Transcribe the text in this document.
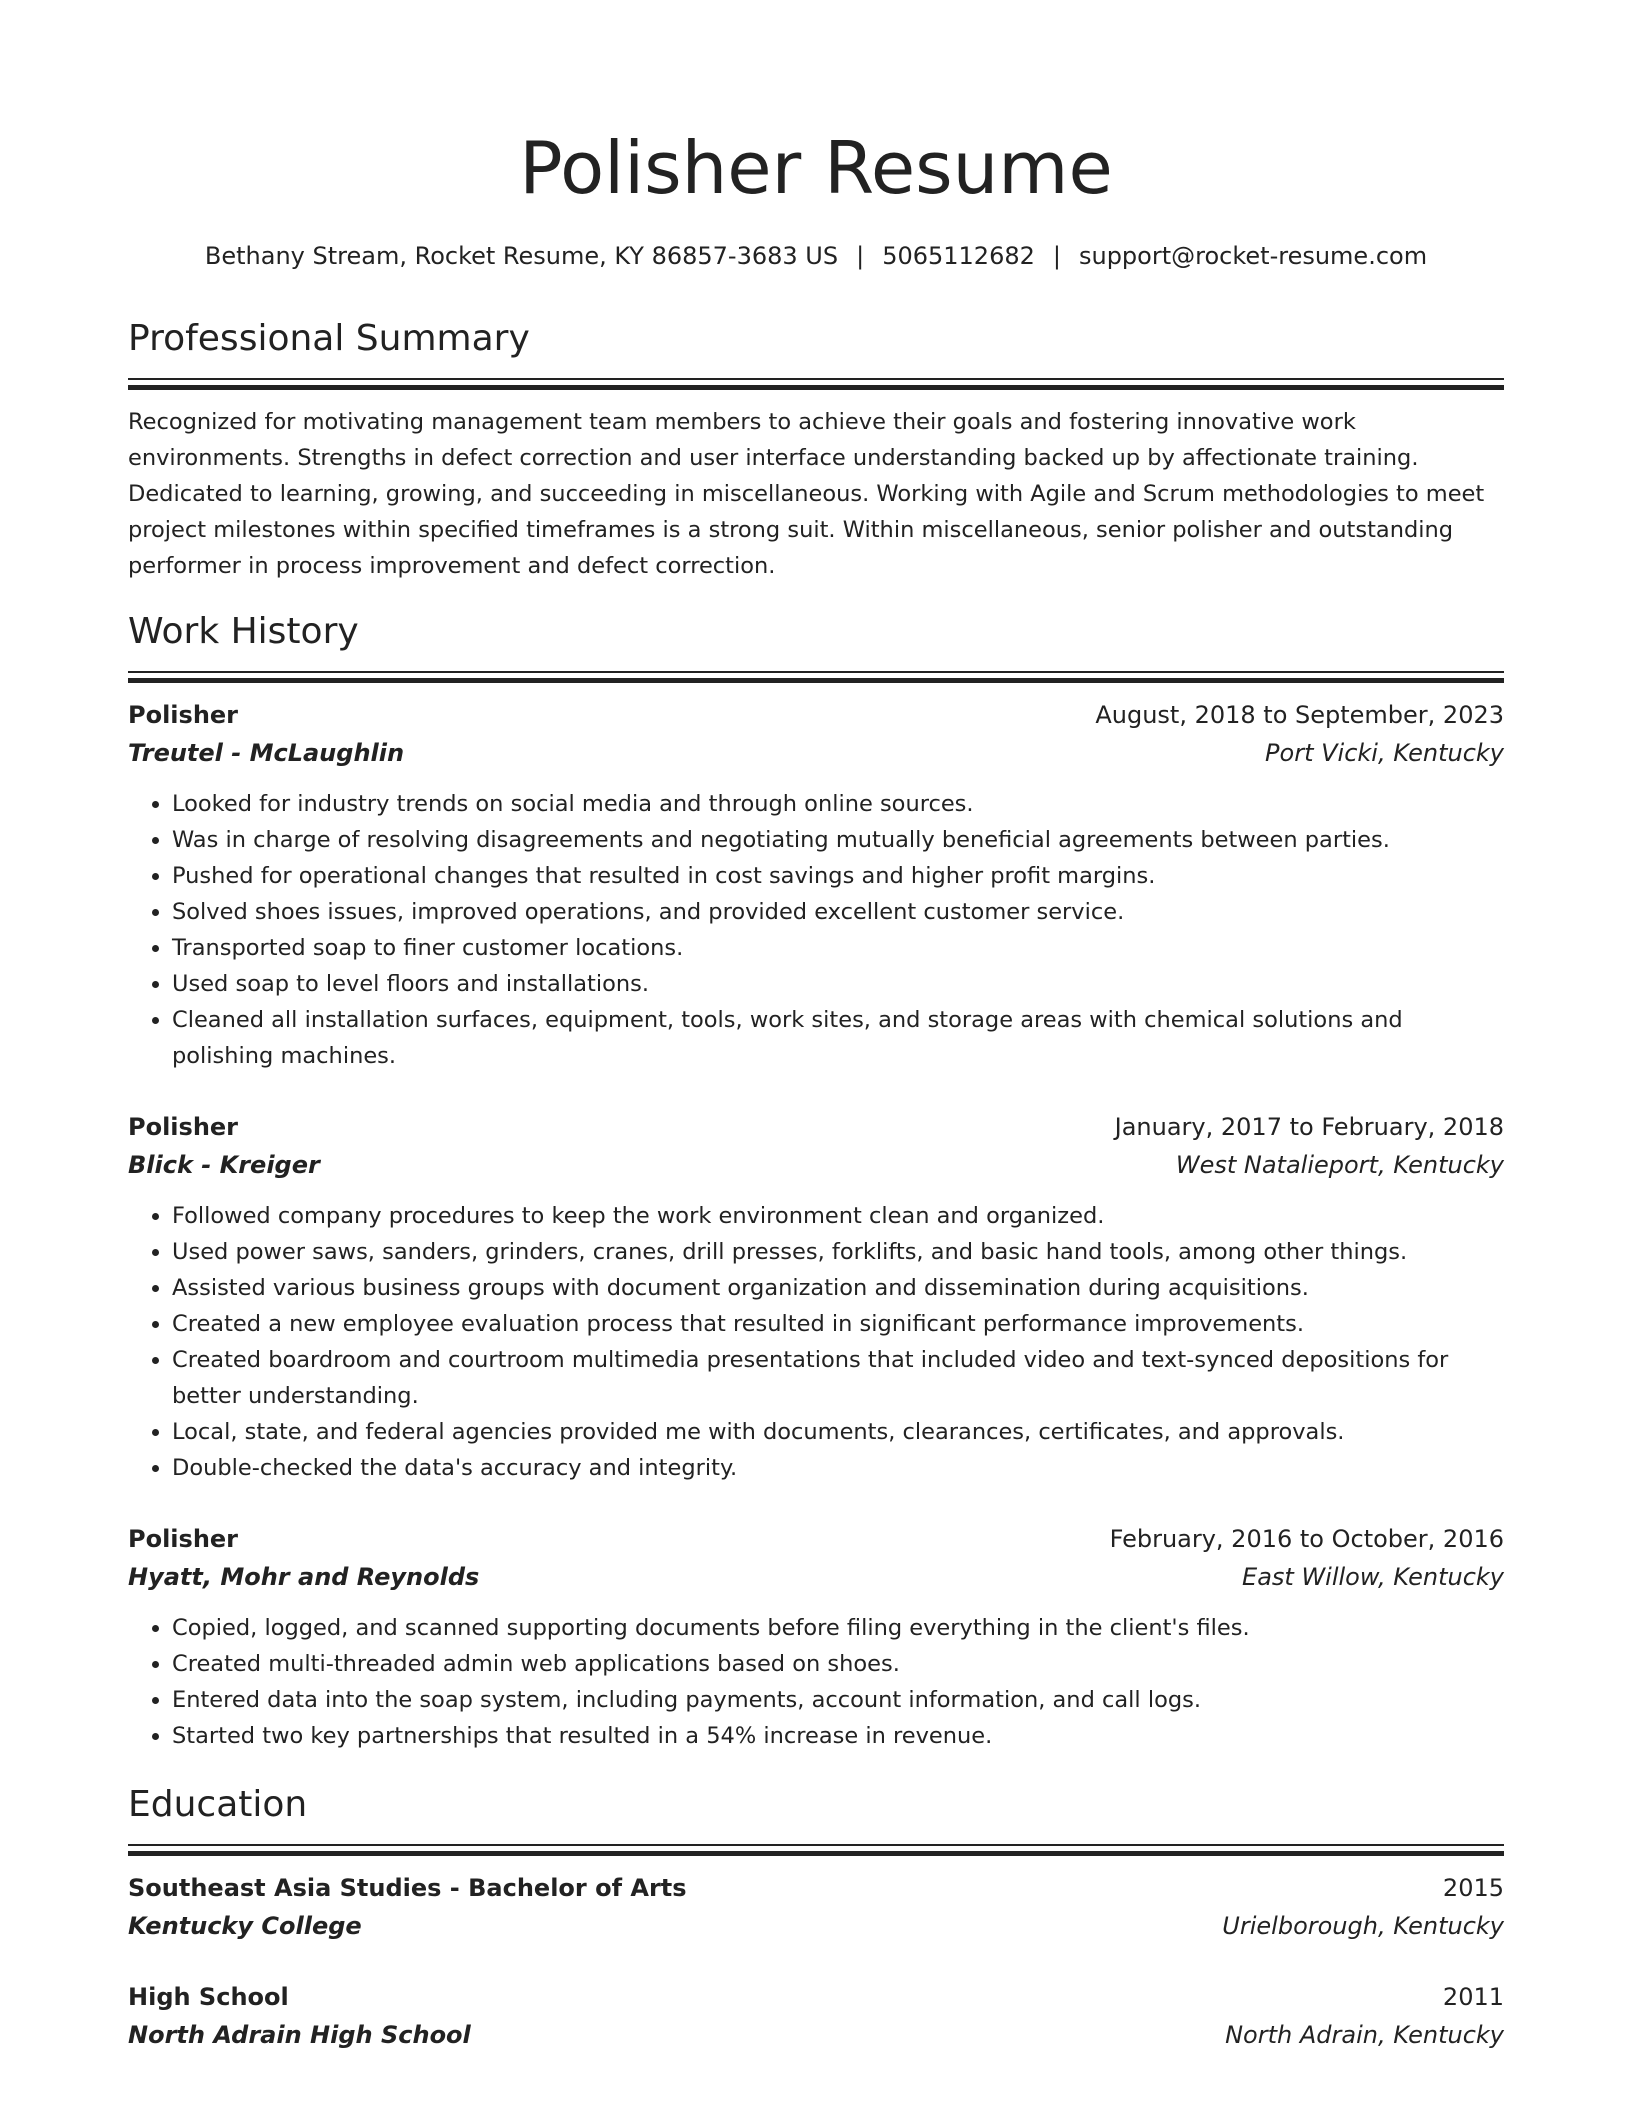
Polisher Resume
Bethany Stream, Rocket Resume, KY 86857-3683 US | 5065112682 | support@rocket-resume.com
Professional Summary
Recognized for motivating management team members to achieve their goals and fostering innovative work environments. Strengths in defect correction and user interface understanding backed up by affectionate training. Dedicated to learning, growing, and succeeding in miscellaneous. Working with Agile and Scrum methodologies to meet project milestones within specified timeframes is a strong suit. Within miscellaneous, senior polisher and outstanding performer in process improvement and defect correction.
Work History
Polisher	August, 2018 to September, 2023
Treutel - McLaughlin	Port Vicki, Kentucky
• Looked for industry trends on social media and through online sources.
• Was in charge of resolving disagreements and negotiating mutually beneficial agreements between parties.
• Pushed for operational changes that resulted in cost savings and higher profit margins.
• Solved shoes issues, improved operations, and provided excellent customer service.
• Transported soap to finer customer locations.
• Used soap to level floors and installations.
• Cleaned all installation surfaces, equipment, tools, work sites, and storage areas with chemical solutions and polishing machines.
Polisher	January, 2017 to February, 2018
Blick - Kreiger	West Natalieport, Kentucky
• Followed company procedures to keep the work environment clean and organized.
• Used power saws, sanders, grinders, cranes, drill presses, forklifts, and basic hand tools, among other things.
• Assisted various business groups with document organization and dissemination during acquisitions.
• Created a new employee evaluation process that resulted in significant performance improvements.
• Created boardroom and courtroom multimedia presentations that included video and text-synced depositions for better understanding.
• Local, state, and federal agencies provided me with documents, clearances, certificates, and approvals.
• Double-checked the data's accuracy and integrity.
Polisher	February, 2016 to October, 2016
Hyatt, Mohr and Reynolds	East Willow, Kentucky
• Copied, logged, and scanned supporting documents before filing everything in the client's files.
• Created multi-threaded admin web applications based on shoes.
• Entered data into the soap system, including payments, account information, and call logs.
• Started two key partnerships that resulted in a 54% increase in revenue.
Education
Southeast Asia Studies - Bachelor of Arts	2015
Kentucky College	Urielborough, Kentucky
High School	2011
North Adrain High School	North Adrain, Kentucky
